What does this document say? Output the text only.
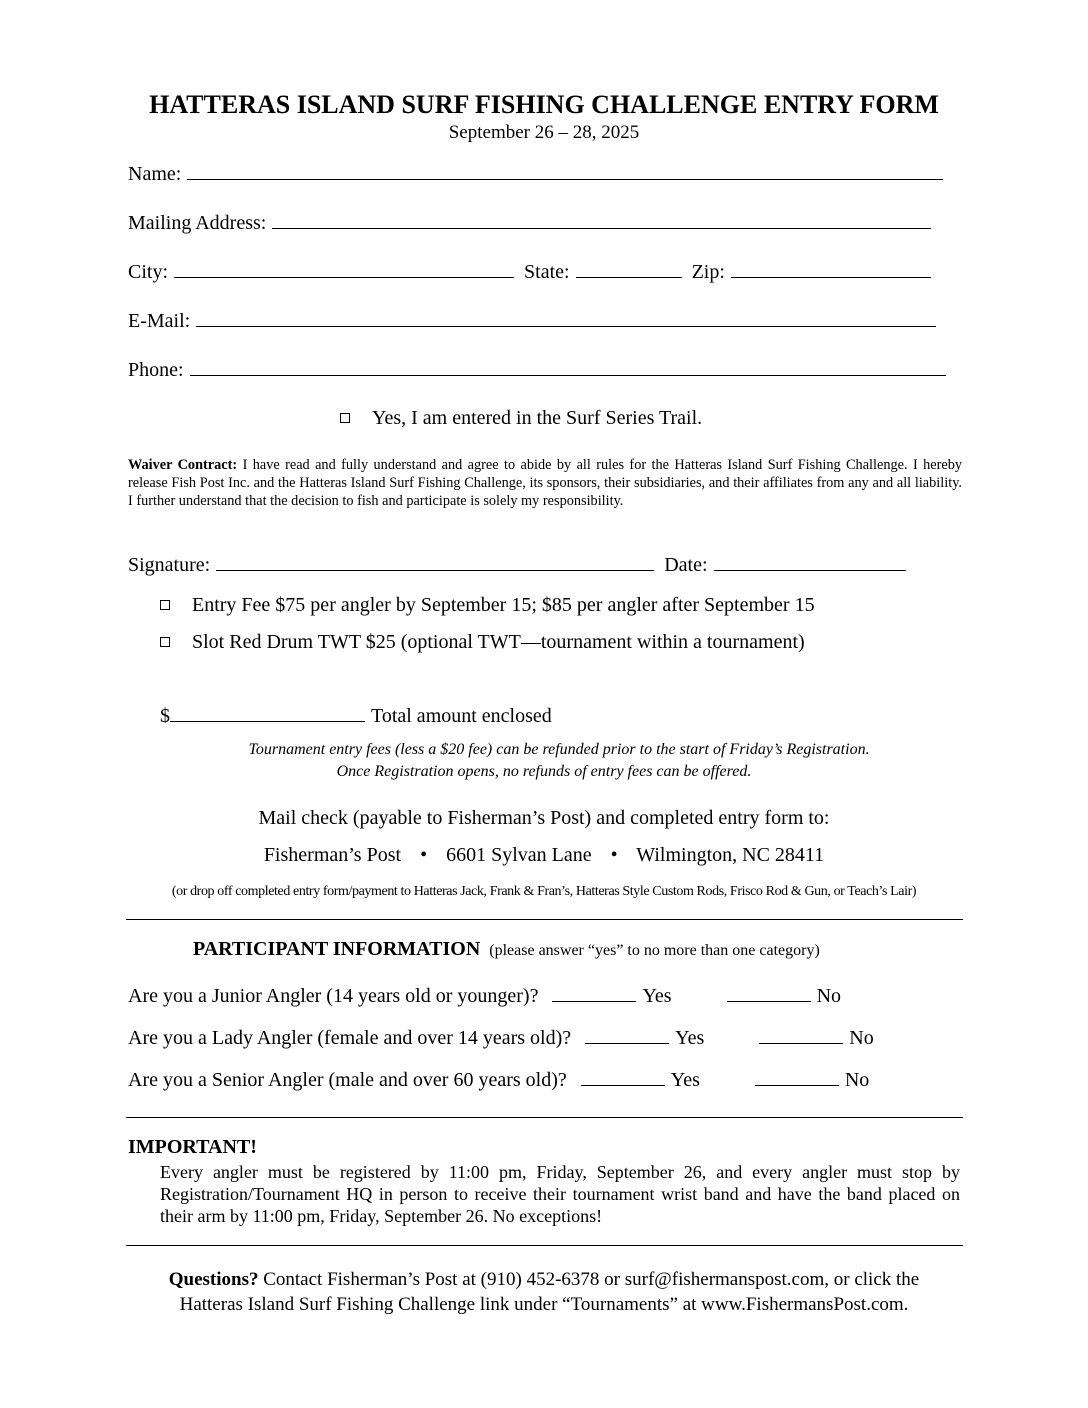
HATTERAS ISLAND SURF FISHING CHALLENGE ENTRY FORM
September 26 – 28, 2025
Name:
Mailing Address:
City:	State:	Zip:
E-Mail:
Phone:
Yes, I am entered in the Surf Series Trail.
Waiver Contract: I have read and fully understand and agree to abide by all rules for the Hatteras Island Surf Fishing Challenge. I hereby release Fish Post Inc. and the Hatteras Island Surf Fishing Challenge, its sponsors, their subsidiaries, and their affiliates from any and all liability. I further understand that the decision to fish and participate is solely my responsibility.
Signature:	Date:
Entry Fee $75 per angler by September 15; $85 per angler after September 15
Slot Red Drum TWT $25 (optional TWT—tournament within a tournament)
$	Total amount enclosed
Tournament entry fees (less a $20 fee) can be refunded prior to the start of Friday’s Registration.
Once Registration opens, no refunds of entry fees can be offered.
Mail check (payable to Fisherman’s Post) and completed entry form to:
Fisherman’s Post • 6601 Sylvan Lane • Wilmington, NC 28411
(or drop off completed entry form/payment to Hatteras Jack, Frank & Fran’s, Hatteras Style Custom Rods, Frisco Rod & Gun, or Teach’s Lair)
PARTICIPANT INFORMATION (please answer “yes” to no more than one category)
Are you a Junior Angler (14 years old or younger)?	Yes	No
Are you a Lady Angler (female and over 14 years old)?	Yes	No
Are you a Senior Angler (male and over 60 years old)?	Yes	No
IMPORTANT!
Every angler must be registered by 11:00 pm, Friday, September 26, and every angler must stop by Registration/Tournament HQ in person to receive their tournament wrist band and have the band placed on their arm by 11:00 pm, Friday, September 26. No exceptions!
Questions? Contact Fisherman’s Post at (910) 452-6378 or surf@fishermanspost.com, or click the
Hatteras Island Surf Fishing Challenge link under “Tournaments” at www.FishermansPost.com.
